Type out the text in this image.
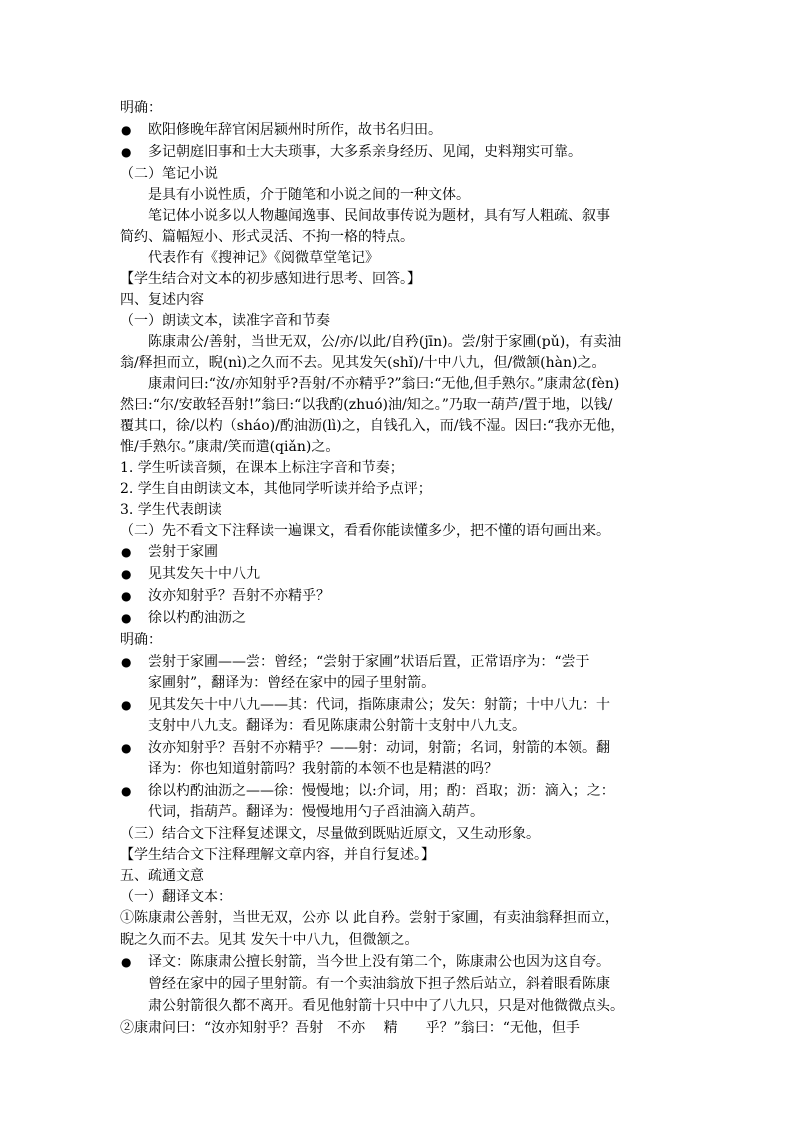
明确：
● 欧阳修晚年辞官闲居颍州时所作，故书名归田。
● 多记朝庭旧事和士大夫琐事，大多系亲身经历、见闻，史料翔实可靠。
（二）笔记小说
是具有小说性质，介于随笔和小说之间的一种文体。
笔记体小说多以人物趣闻逸事、民间故事传说为题材，具有写人粗疏、叙事
简约、篇幅短小、形式灵活、不拘一格的特点。
代表作有《搜神记》《阅微草堂笔记》
【学生结合对文本的初步感知进行思考、回答。】
四、复述内容
（一）朗读文本，读准字音和节奏
陈康肃公/善射，当世无双，公/亦/以此/自矜(jīn)。尝/射于家圃(pǔ)，有卖油
翁/释担而立，睨(nì)之久而不去。见其发矢(shǐ)/十中八九，但/微颔(hàn)之。
康肃问曰:“汝/亦知射乎?吾射/不亦精乎?”翁曰:“无他,但手熟尔。”康肃忿(fèn)
然曰:“尔/安敢轻吾射!”翁曰:“以我酌(zhuó)油/知之。”乃取一葫芦/置于地，以钱/
覆其口，徐/以杓（sháo)/酌油沥(lì)之，自钱孔入，而/钱不湿。因曰:“我亦无他，
惟/手熟尔。”康肃/笑而遣(qiǎn)之。
1. 学生听读音频，在课本上标注字音和节奏；
2. 学生自由朗读文本，其他同学听读并给予点评；
3. 学生代表朗读
（二）先不看文下注释读一遍课文，看看你能读懂多少，把不懂的语句画出来。
● 尝射于家圃
● 见其发矢十中八九
● 汝亦知射乎？吾射不亦精乎？
● 徐以杓酌油沥之
明确：
● 尝射于家圃——尝：曾经；“尝射于家圃”状语后置，正常语序为：“尝于
家圃射”，翻译为：曾经在家中的园子里射箭。
● 见其发矢十中八九——其：代词，指陈康肃公；发矢：射箭；十中八九：十
支射中八九支。翻译为：看见陈康肃公射箭十支射中八九支。
● 汝亦知射乎？吾射不亦精乎？——射：动词，射箭；名词，射箭的本领。翻
译为：你也知道射箭吗？我射箭的本领不也是精湛的吗？
● 徐以杓酌油沥之——徐：慢慢地；以:介词，用；酌：舀取；沥：滴入；之：
代词，指葫芦。翻译为：慢慢地用勺子舀油滴入葫芦。
（三）结合文下注释复述课文，尽量做到既贴近原文，又生动形象。
【学生结合文下注释理解文章内容，并自行复述。】
五、疏通文意
（一）翻译文本：
①陈康肃公善射，当世无双，公亦 以 此自矜。尝射于家圃，有卖油翁释担而立，
睨之久而不去。见其 发矢十中八九，但微颔之。
● 译文：陈康肃公擅长射箭，当今世上没有第二个，陈康肃公也因为这自夸。
曾经在家中的园子里射箭。有一个卖油翁放下担子然后站立，斜着眼看陈康
肃公射箭很久都不离开。看见他射箭十只中中了八九只，只是对他微微点头。
②康肃问曰：“汝亦知射乎？吾射　不亦　 精　　乎？”翁曰：“无他，但手
